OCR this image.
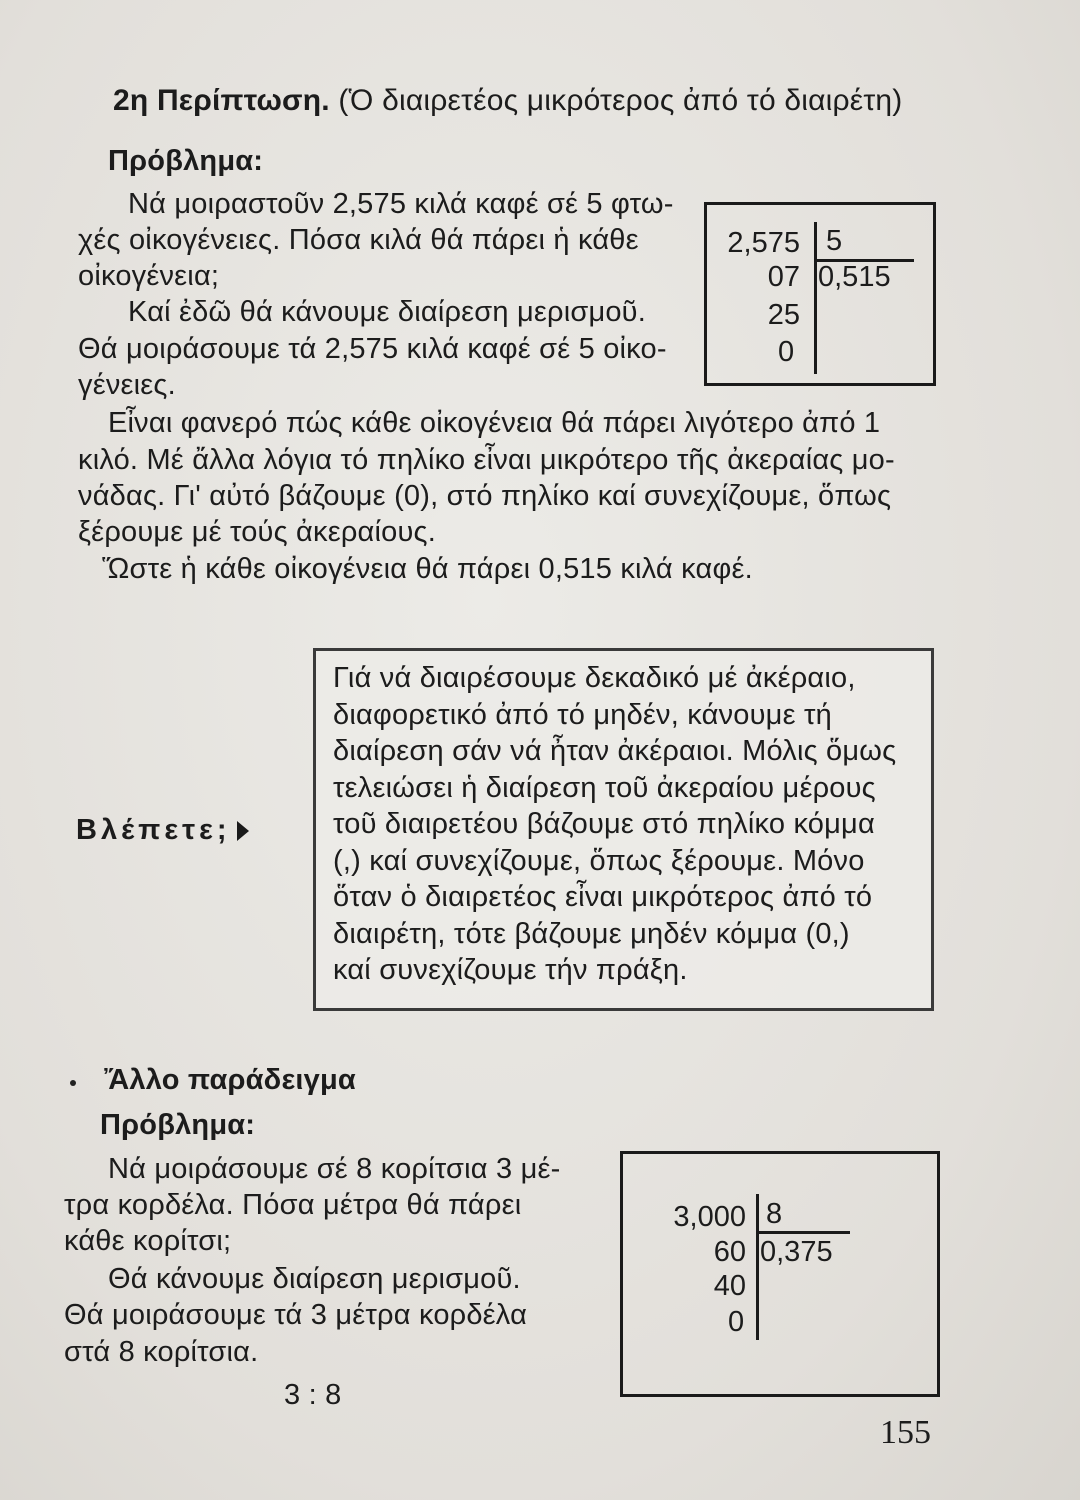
2η Περίπτωση. (Ὁ διαιρετέος μικρότερος ἀπό τό διαιρέτη)
Πρόβλημα:
Νά μοιραστοῦν 2,575 κιλά καφέ σέ 5 φτω-
χές οἰκογένειες. Πόσα κιλά θά πάρει ἡ κάθε
οἰκογένεια;
Καί ἐδῶ θά κάνουμε διαίρεση μερισμοῦ.
Θά μοιράσουμε τά 2,575 κιλά καφέ σέ 5 οἰκο-
γένειες.
2,575 5
0,515
07
25
0
Εἶναι φανερό πώς κάθε οἰκογένεια θά πάρει λιγότερο ἀπό 1
κιλό. Μέ ἄλλα λόγια τό πηλίκο εἶναι μικρότερο τῆς ἀκεραίας μο-
νάδας. Γι' αὐτό βάζουμε (0), στό πηλίκο καί συνεχίζουμε, ὅπως
ξέρουμε μέ τούς ἀκεραίους.
Ὥστε ἡ κάθε οἰκογένεια θά πάρει 0,515 κιλά καφέ.
Γιά νά διαιρέσουμε δεκαδικό μέ ἀκέραιο,
διαφορετικό ἀπό τό μηδέν, κάνουμε τή
διαίρεση σάν νά ἦταν ἀκέραιοι. Μόλις ὅμως
τελειώσει ἡ διαίρεση τοῦ ἀκεραίου μέρους
τοῦ διαιρετέου βάζουμε στό πηλίκο κόμμα
(,) καί συνεχίζουμε, ὅπως ξέρουμε. Μόνο
ὅταν ὁ διαιρετέος εἶναι μικρότερος ἀπό τό
διαιρέτη, τότε βάζουμε μηδέν κόμμα (0,)
καί συνεχίζουμε τήν πράξη.
Βλέπετε;
Ἄλλο παράδειγμα
Πρόβλημα:
Νά μοιράσουμε σέ 8 κορίτσια 3 μέ-
τρα κορδέλα. Πόσα μέτρα θά πάρει
κάθε κορίτσι;
Θά κάνουμε διαίρεση μερισμοῦ.
Θά μοιράσουμε τά 3 μέτρα κορδέλα
στά 8 κορίτσια.
3 : 8
3,000 8
0,375
60
40
0
155
